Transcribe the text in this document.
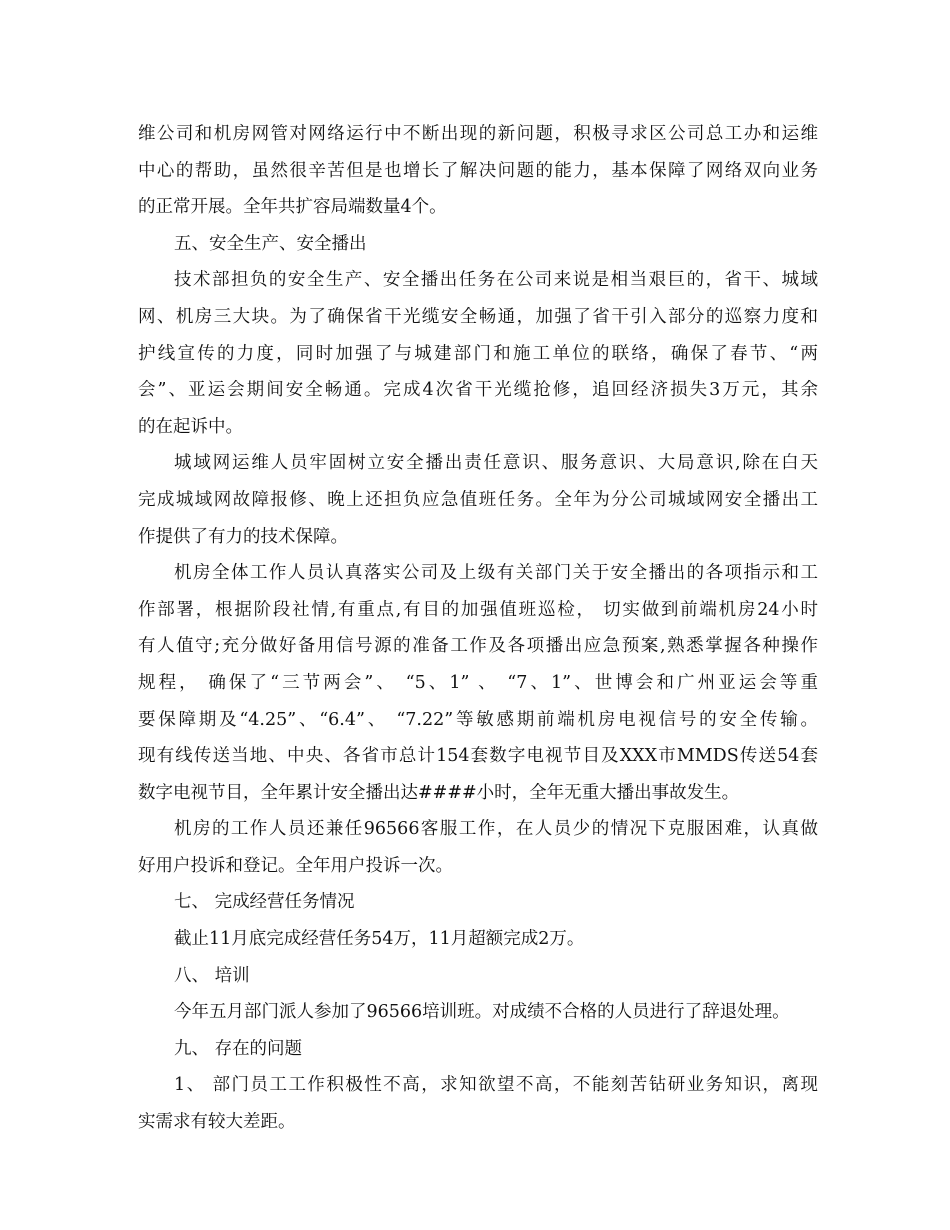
维公司和机房网管对网络运行中不断出现的新问题，积极寻求区公司总工办和运维
中心的帮助，虽然很辛苦但是也增长了解决问题的能力，基本保障了网络双向业务
的正常开展。全年共扩容局端数量4个。
五、安全生产、安全播出
技术部担负的安全生产、安全播出任务在公司来说是相当艰巨的，省干、城域
网、机房三大块。为了确保省干光缆安全畅通，加强了省干引入部分的巡察力度和
护线宣传的力度，同时加强了与城建部门和施工单位的联络，确保了春节、“两
会”、亚运会期间安全畅通。完成4次省干光缆抢修，追回经济损失3万元，其余
的在起诉中。
城域网运维人员牢固树立安全播出责任意识、服务意识、大局意识,除在白天
完成城域网故障报修、晚上还担负应急值班任务。全年为分公司城域网安全播出工
作提供了有力的技术保障。
机房全体工作人员认真落实公司及上级有关部门关于安全播出的各项指示和工
作部署，根据阶段社情,有重点,有目的加强值班巡检， 切实做到前端机房24小时
有人值守;充分做好备用信号源的准备工作及各项播出应急预案,熟悉掌握各种操作
规程， 确保了“三节两会”、 “5、1” 、 “7、1”、世博会和广州亚运会等重
要保障期及“4.25”、“6.4”、 “7.22”等敏感期前端机房电视信号的安全传输。
现有线传送当地、中央、各省市总计154套数字电视节目及XXX市MMDS传送54套
数字电视节目，全年累计安全播出达####小时，全年无重大播出事故发生。
机房的工作人员还兼任96566客服工作，在人员少的情况下克服困难，认真做
好用户投诉和登记。全年用户投诉一次。
七、 完成经营任务情况
截止11月底完成经营任务54万，11月超额完成2万。
八、 培训
今年五月部门派人参加了96566培训班。对成绩不合格的人员进行了辞退处理。
九、 存在的问题
1、 部门员工工作积极性不高，求知欲望不高，不能刻苦钻研业务知识，离现
实需求有较大差距。
